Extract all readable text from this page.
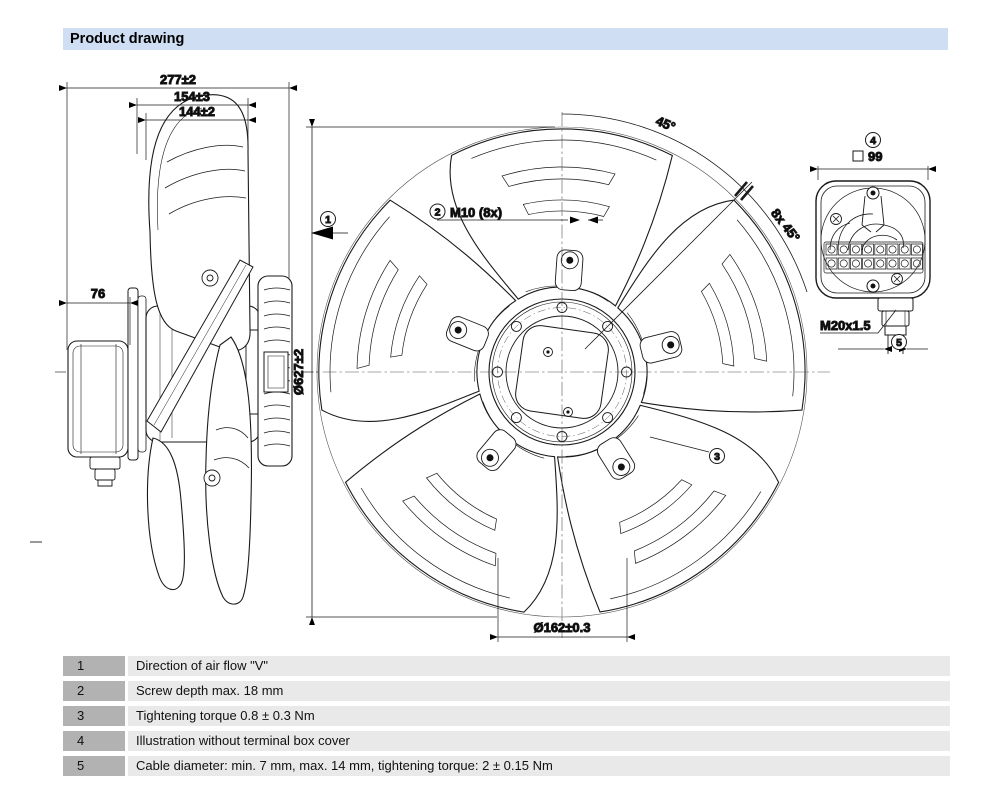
Product drawing
277±2
154±3
144±2
76
Ø627±2
Ø162±0.3
45°
8x 45°
1
2 M10 (8x)
3
4
99
M20x1.5
5
1	Direction of air flow "V"
2	Screw depth max. 18 mm
3	Tightening torque 0.8 ± 0.3 Nm
4	Illustration without terminal box cover
5	Cable diameter: min. 7 mm, max. 14 mm, tightening torque: 2 ± 0.15 Nm
